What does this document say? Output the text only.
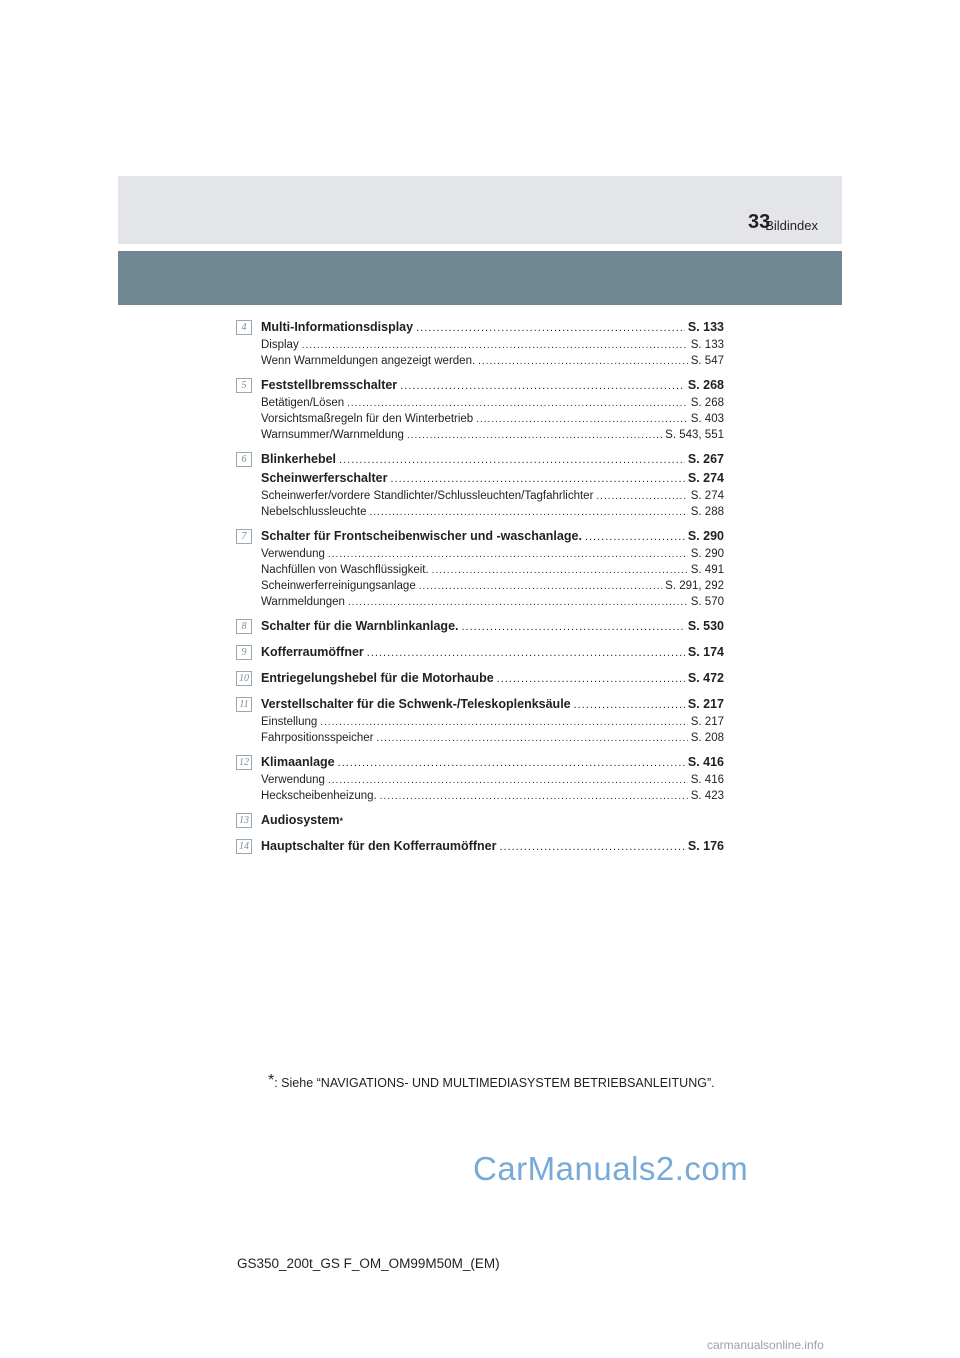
Bildindex
33
4	Multi-Informationsdisplay .....	S. 133
Display .....	S. 133
Wenn Warnmeldungen angezeigt werden. .....	S. 547
5	Feststellbremsschalter .....	S. 268
Betätigen/Lösen .....	S. 268
Vorsichtsmaßregeln für den Winterbetrieb .....	S. 403
Warnsummer/Warnmeldung .....	S. 543, 551
6	Blinkerhebel .....	S. 267
Scheinwerferschalter .....	S. 274
Scheinwerfer/vordere Standlichter/Schlussleuchten/Tagfahrlichter .....	S. 274
Nebelschlussleuchte .....	S. 288
7	Schalter für Frontscheibenwischer und -waschanlage. .....	S. 290
Verwendung .....	S. 290
Nachfüllen von Waschflüssigkeit. .....	S. 491
Scheinwerferreinigungsanlage .....	S. 291, 292
Warnmeldungen .....	S. 570
8	Schalter für die Warnblinkanlage. .....	S. 530
9	Kofferraumöffner .....	S. 174
10 Entriegelungshebel für die Motorhaube .....	S. 472
11 Verstellschalter für die Schwenk-/Teleskoplenksäule .....	S. 217
Einstellung .....	S. 217
Fahrpositionsspeicher .....	S. 208
12 Klimaanlage .....	S. 416
Verwendung .....	S. 416
Heckscheibenheizung. .....	S. 423
13 Audiosystem *
14 Hauptschalter für den Kofferraumöffner .....	S. 176
*: Siehe “NAVIGATIONS- UND MULTIMEDIASYSTEM BETRIEBSANLEITUNG”.
CarManuals2.com
GS350_200t_GS F_OM_OM99M50M_(EM)
carmanualsonline.info
